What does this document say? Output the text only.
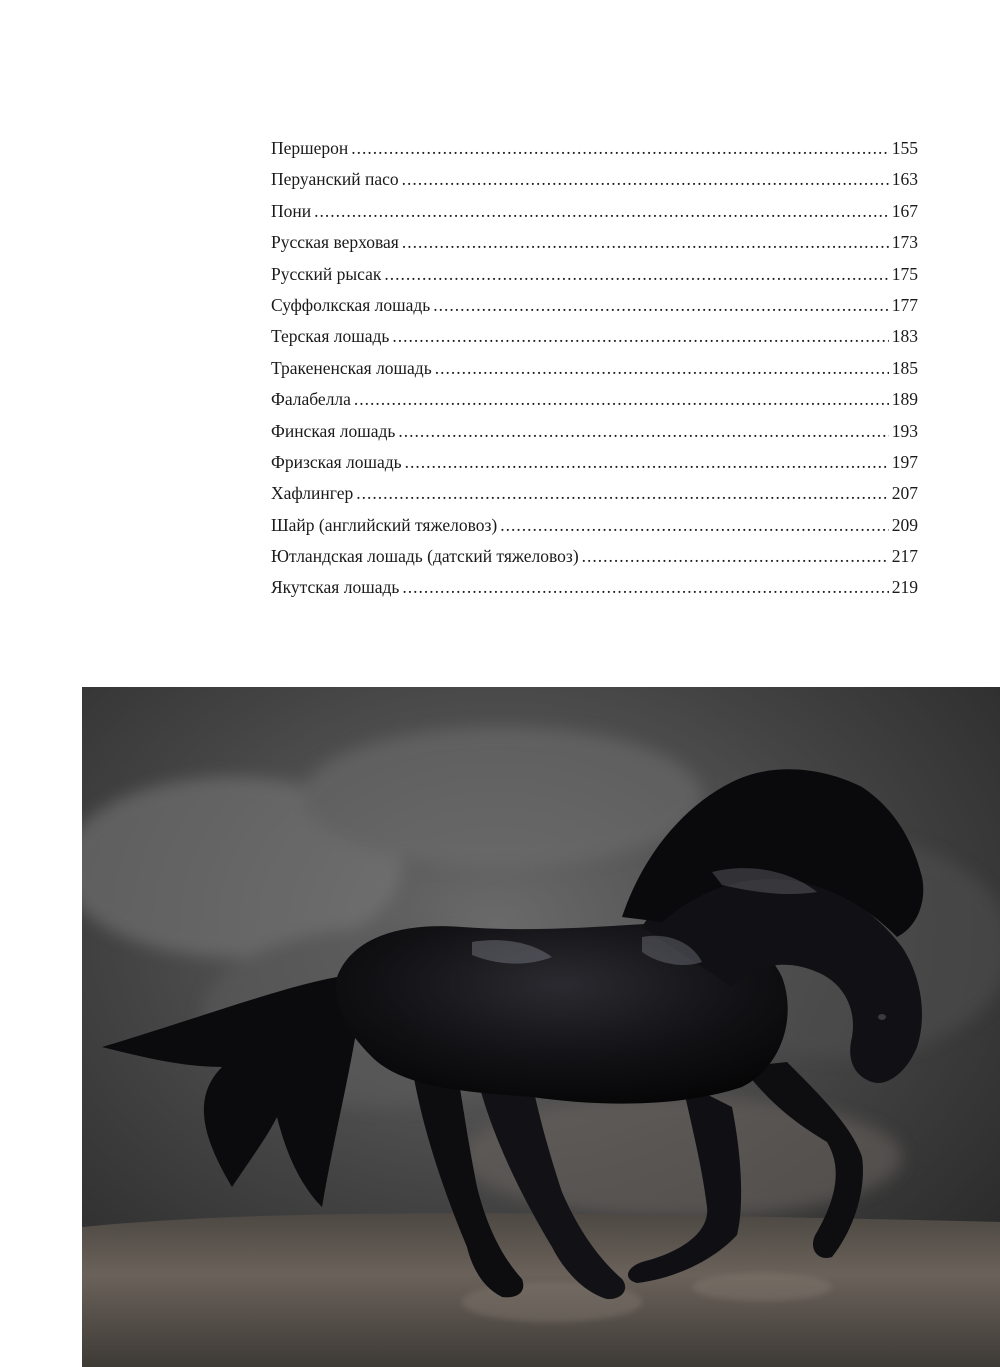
Першерон .....	155
Перуанский пасо .....	163
Пони .....	167
Русская верховая .....	173
Русский рысак .....	175
Суффолкская лошадь .....	177
Терская лошадь .....	183
Тракененская лошадь .....	185
Фалабелла .....	189
Финская лошадь .....	193
Фризская лошадь .....	197
Хафлингер .....	207
Шайр (английский тяжеловоз) .....	209
Ютландская лошадь (датский тяжеловоз) .....	217
Якутская лошадь .....	219
